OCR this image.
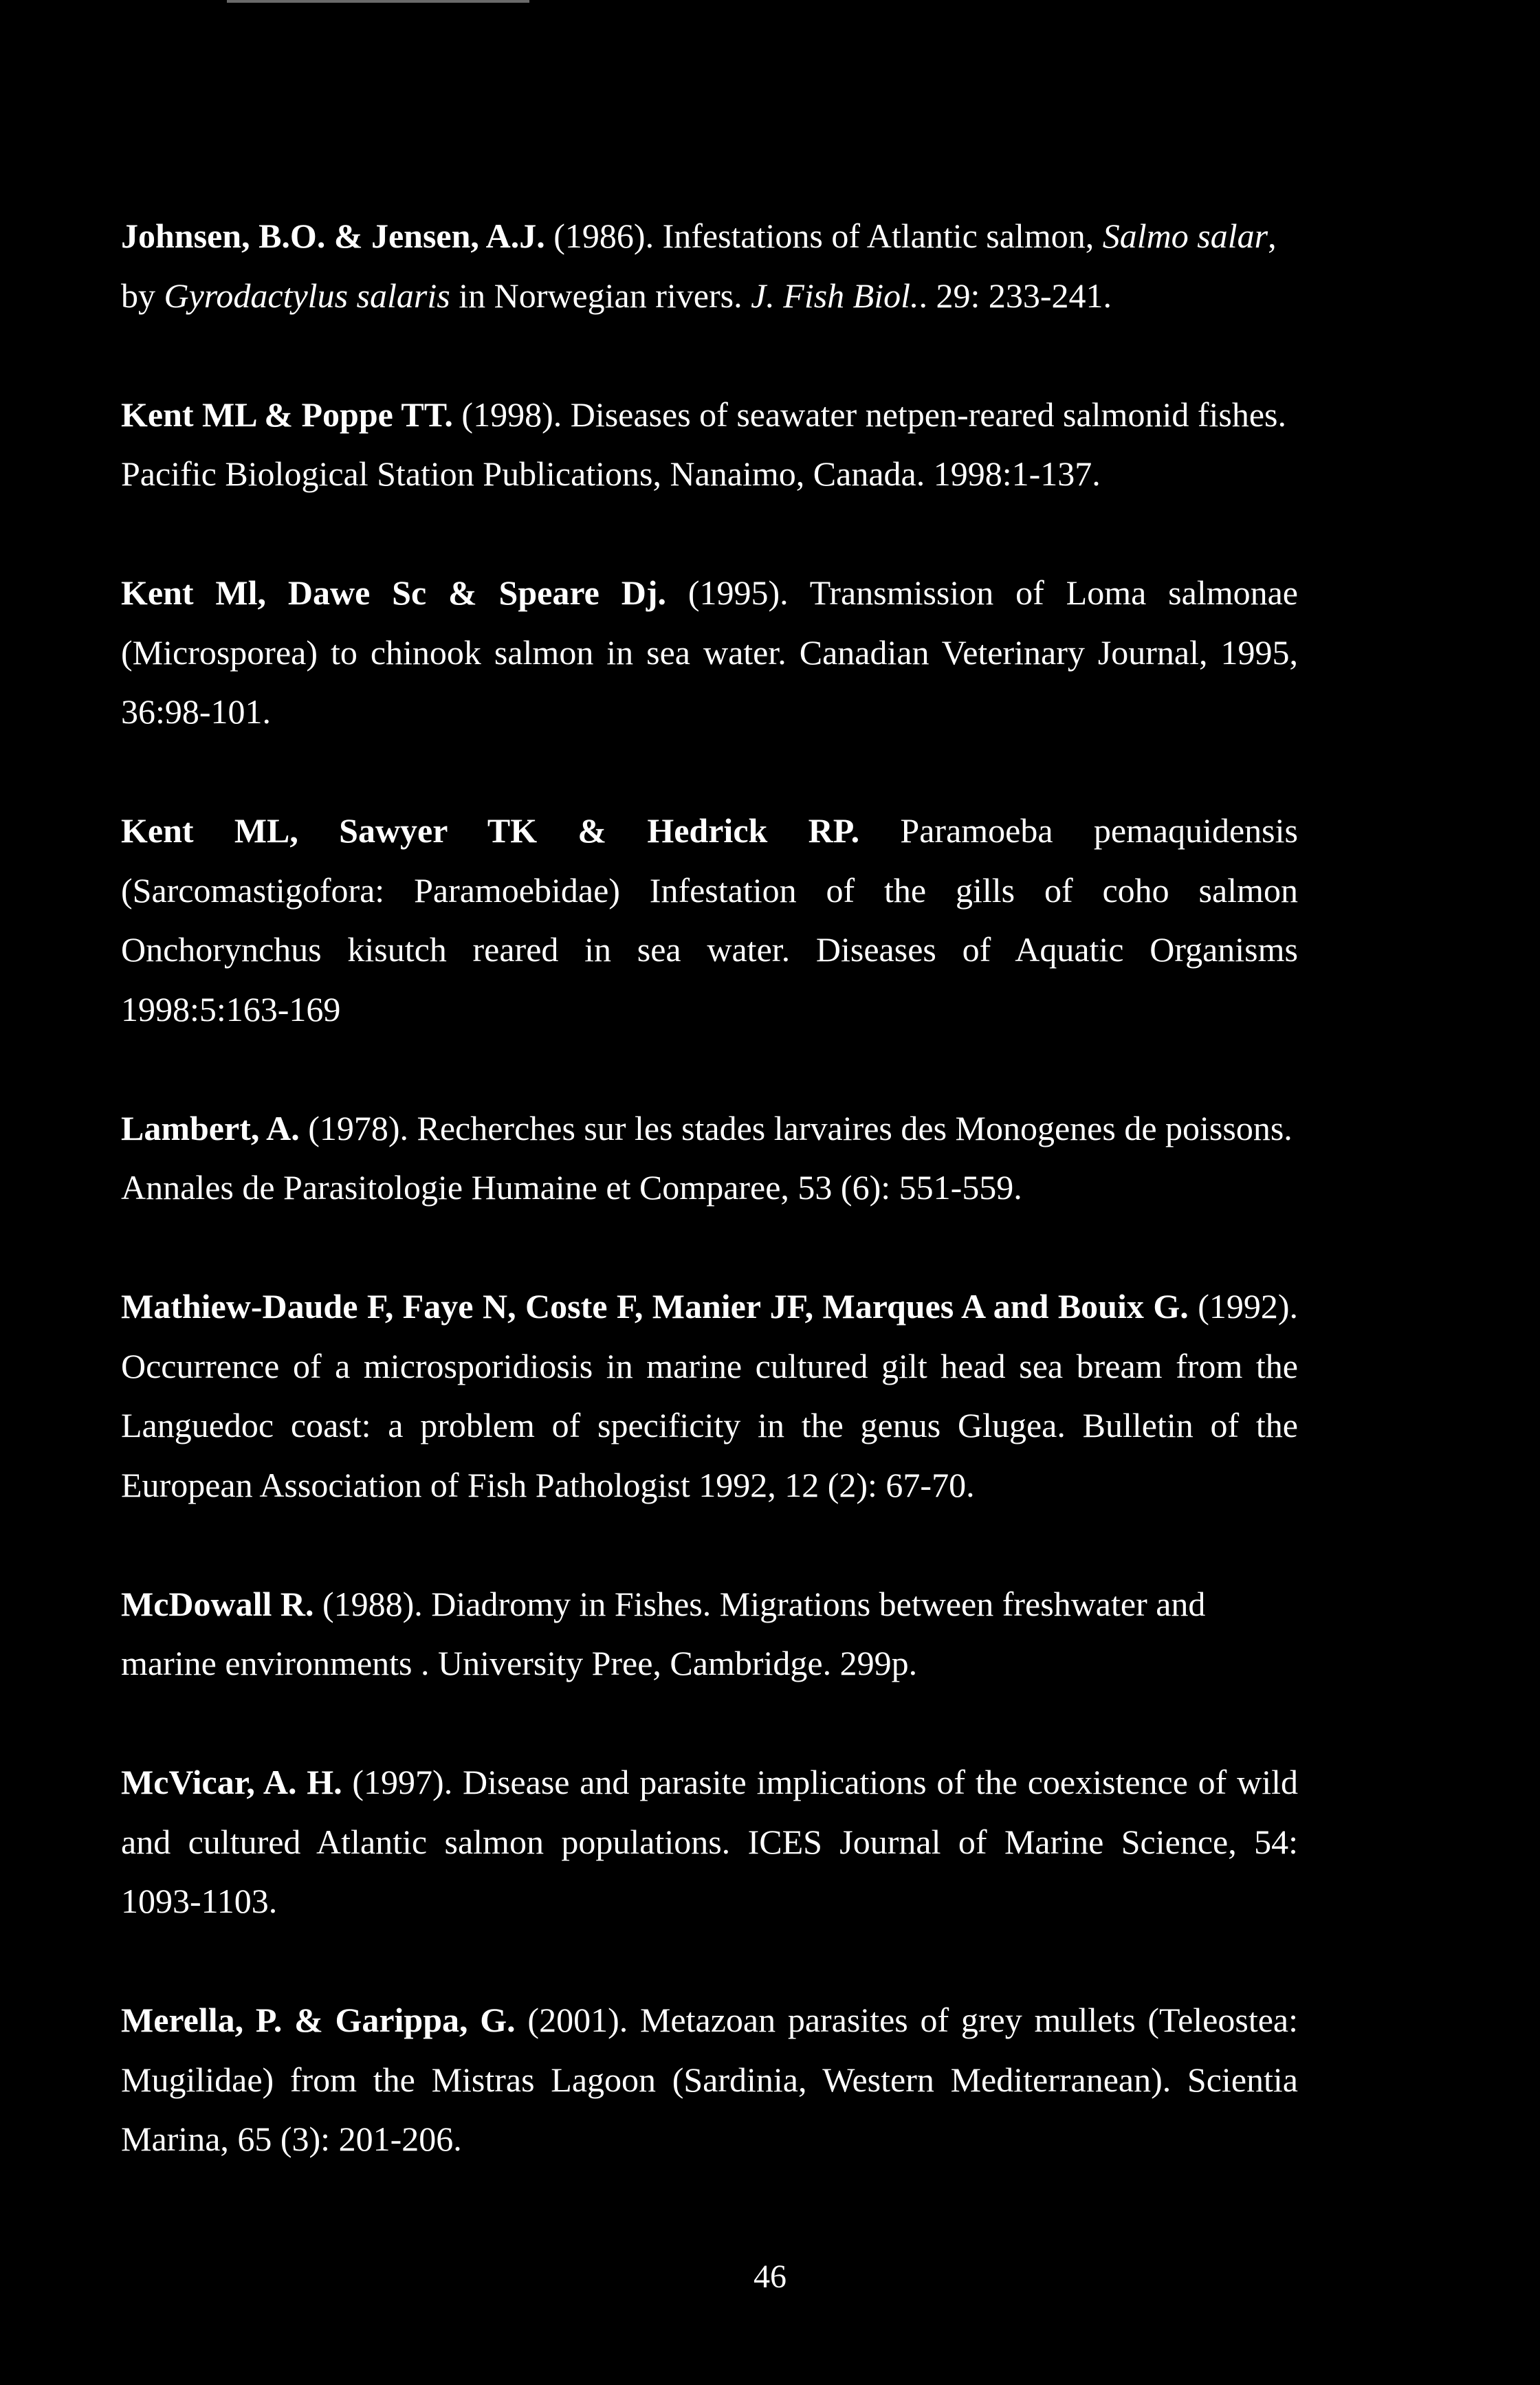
Johnsen, B.O. & Jensen, A.J. (1986). Infestations of Atlantic salmon, Salmo salar, by Gyrodactylus salaris in Norwegian rivers. J. Fish Biol.. 29: 233-241.

Kent ML & Poppe TT. (1998). Diseases of seawater netpen-reared salmonid fishes. Pacific Biological Station Publications, Nanaimo, Canada. 1998:1-137.

Kent Ml, Dawe Sc & Speare Dj. (1995). Transmission of Loma salmonae (Microsporea) to chinook salmon in sea water. Canadian Veterinary Journal, 1995, 36:98-101.

Kent ML, Sawyer TK & Hedrick RP. Paramoeba pemaquidensis (Sarcomastigofora: Paramoebidae) Infestation of the gills of coho salmon Onchorynchus kisutch reared in sea water. Diseases of Aquatic Organisms 1998:5:163-169

Lambert, A. (1978). Recherches sur les stades larvaires des Monogenes de poissons. Annales de Parasitologie Humaine et Comparee, 53 (6): 551-559.

Mathiew-Daude F, Faye N, Coste F, Manier JF, Marques A and Bouix G. (1992). Occurrence of a microsporidiosis in marine cultured gilt head sea bream from the Languedoc coast: a problem of specificity in the genus Glugea. Bulletin of the European Association of Fish Pathologist 1992, 12 (2): 67-70.

McDowall R. (1988). Diadromy in Fishes. Migrations between freshwater and marine environments . University Pree, Cambridge. 299p.

McVicar, A. H. (1997). Disease and parasite implications of the coexistence of wild and cultured Atlantic salmon populations. ICES Journal of Marine Science, 54: 1093-1103.

Merella, P. & Garippa, G. (2001). Metazoan parasites of grey mullets (Teleostea: Mugilidae) from the Mistras Lagoon (Sardinia, Western Mediterranean). Scientia Marina, 65 (3): 201-206.

46
